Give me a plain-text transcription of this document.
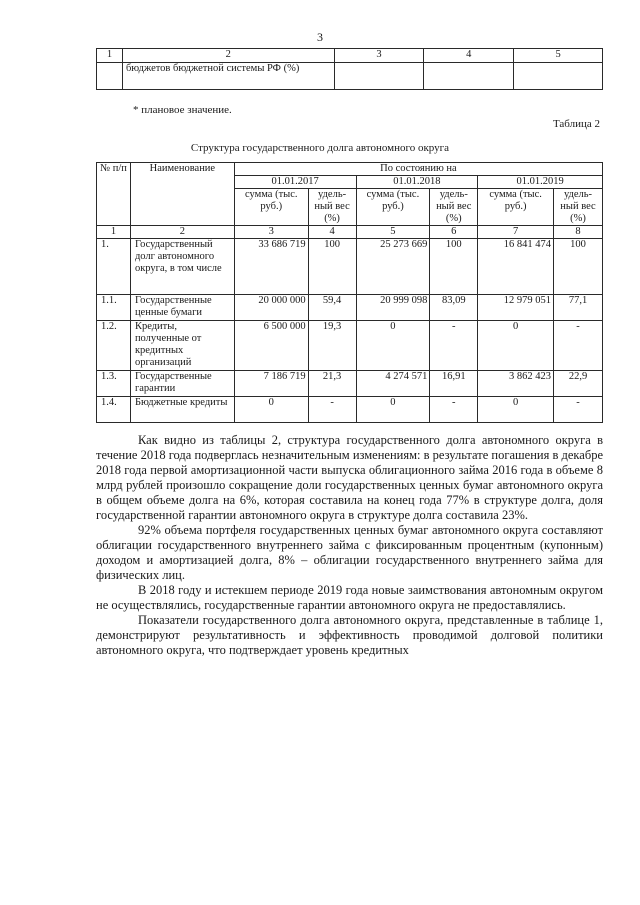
3
1	2	3	4	5
	бюджетов бюджетной системы РФ (%)			
* плановое значение.
Таблица 2
Структура государственного долга автономного округа
№ п/п	Наименование	По состоянию на					
		01.01.2017		01.01.2018		01.01.2019	
		сумма (тыс. руб.)	удель-ный вес (%)	сумма (тыс. руб.)	удель-ный вес (%)	сумма (тыс. руб.)	удель-ный вес (%)
1	2	3	4	5	6	7	8
1.	Государственный долг автономного округа, в том числе	33 686 719	100	25 273 669	100	16 841 474	100
1.1.	Государственные ценные бумаги	20 000 000	59,4	20 999 098	83,09	12 979 051	77,1
1.2.	Кредиты, полученные от кредитных организаций	6 500 000	19,3	0	-	0	-
1.3.	Государственные гарантии	7 186 719	21,3	4 274 571	16,91	3 862 423	22,9
1.4.	Бюджетные кредиты	0	-	0	-	0	-

Как видно из таблицы 2, структура государственного долга автономного округа в течение 2018 года подверглась незначительным изменениям: в результате погашения в декабре 2018 года первой амортизационной части выпуска облигационного займа 2016 года в объеме 8 млрд рублей произошло сокращение доли государственных ценных бумаг автономного округа в общем объеме долга на 6%, которая составила на конец года 77% в структуре долга, доля государственной гарантии автономного округа в структуре долга составила 23%.

92% объема портфеля государственных ценных бумаг автономного округа составляют облигации государственного внутреннего займа с фиксированным процентным (купонным) доходом и амортизацией долга, 8% – облигации государственного внутреннего займа для физических лиц.

В 2018 году и истекшем периоде 2019 года новые заимствования автономным округом не осуществлялись, государственные гарантии автономного округа не предоставлялись.

Показатели государственного долга автономного округа, представленные в таблице 1, демонстрируют результативность и эффективность проводимой долговой политики автономного округа, что подтверждает уровень кредитных
